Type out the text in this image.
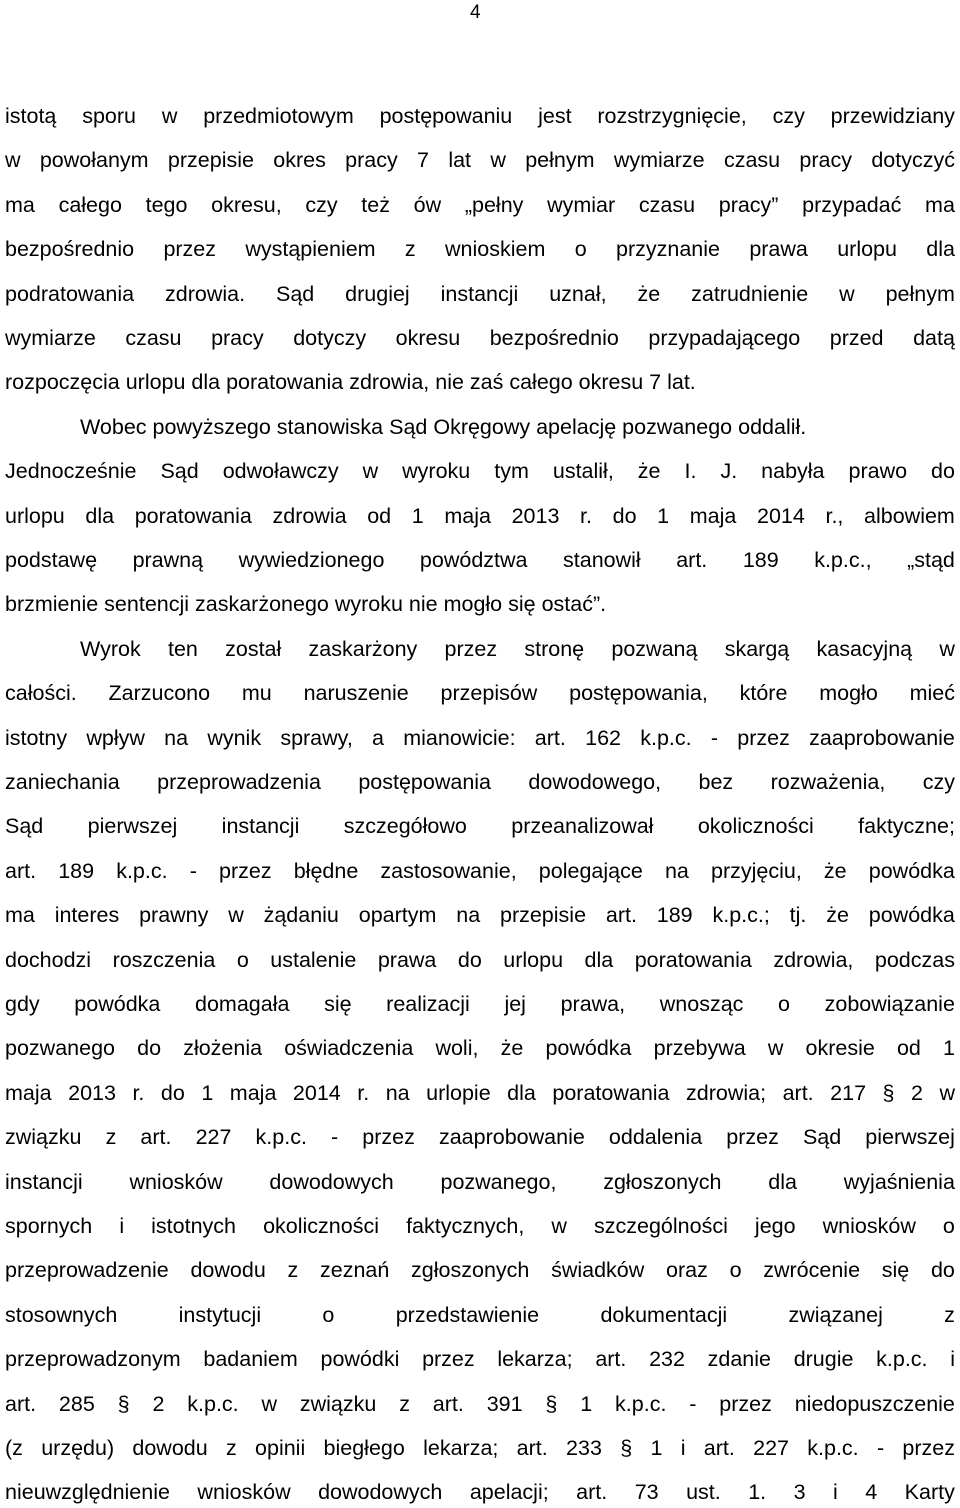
4
istotą sporu w przedmiotowym postępowaniu jest rozstrzygnięcie, czy przewidziany
w powołanym przepisie okres pracy 7 lat w pełnym wymiarze czasu pracy dotyczyć
ma całego tego okresu, czy też ów „pełny wymiar czasu pracy” przypadać ma
bezpośrednio przez wystąpieniem z wnioskiem o przyznanie prawa urlopu dla
podratowania zdrowia. Sąd drugiej instancji uznał, że zatrudnienie w pełnym
wymiarze czasu pracy dotyczy okresu bezpośrednio przypadającego przed datą
rozpoczęcia urlopu dla poratowania zdrowia, nie zaś całego okresu 7 lat.
Wobec powyższego stanowiska Sąd Okręgowy apelację pozwanego oddalił.
Jednocześnie Sąd odwoławczy w wyroku tym ustalił, że I. J. nabyła prawo do
urlopu dla poratowania zdrowia od 1 maja 2013 r. do 1 maja 2014 r., albowiem
podstawę prawną wywiedzionego powództwa stanowił art. 189 k.p.c., „stąd
brzmienie sentencji zaskarżonego wyroku nie mogło się ostać”.
Wyrok ten został zaskarżony przez stronę pozwaną skargą kasacyjną w
całości. Zarzucono mu naruszenie przepisów postępowania, które mogło mieć
istotny wpływ na wynik sprawy, a mianowicie: art. 162 k.p.c. - przez zaaprobowanie
zaniechania przeprowadzenia postępowania dowodowego, bez rozważenia, czy
Sąd pierwszej instancji szczegółowo przeanalizował okoliczności faktyczne;
art. 189 k.p.c. - przez błędne zastosowanie, polegające na przyjęciu, że powódka
ma interes prawny w żądaniu opartym na przepisie art. 189 k.p.c.; tj. że powódka
dochodzi roszczenia o ustalenie prawa do urlopu dla poratowania zdrowia, podczas
gdy powódka domagała się realizacji jej prawa, wnosząc o zobowiązanie
pozwanego do złożenia oświadczenia woli, że powódka przebywa w okresie od 1
maja 2013 r. do 1 maja 2014 r. na urlopie dla poratowania zdrowia; art. 217 § 2 w
związku z art. 227 k.p.c. - przez zaaprobowanie oddalenia przez Sąd pierwszej
instancji wniosków dowodowych pozwanego, zgłoszonych dla wyjaśnienia
spornych i istotnych okoliczności faktycznych, w szczególności jego wniosków o
przeprowadzenie dowodu z zeznań zgłoszonych świadków oraz o zwrócenie się do
stosownych	instytucji	o	przedstawienie	dokumentacji	związanej	z
przeprowadzonym badaniem powódki przez lekarza; art. 232 zdanie drugie k.p.c. i
art. 285 § 2 k.p.c. w związku z art. 391 § 1 k.p.c. - przez niedopuszczenie
(z urzędu) dowodu z opinii biegłego lekarza; art. 233 § 1 i art. 227 k.p.c. - przez
nieuwzględnienie wniosków dowodowych apelacji; art. 73 ust. 1. 3 i 4 Karty
